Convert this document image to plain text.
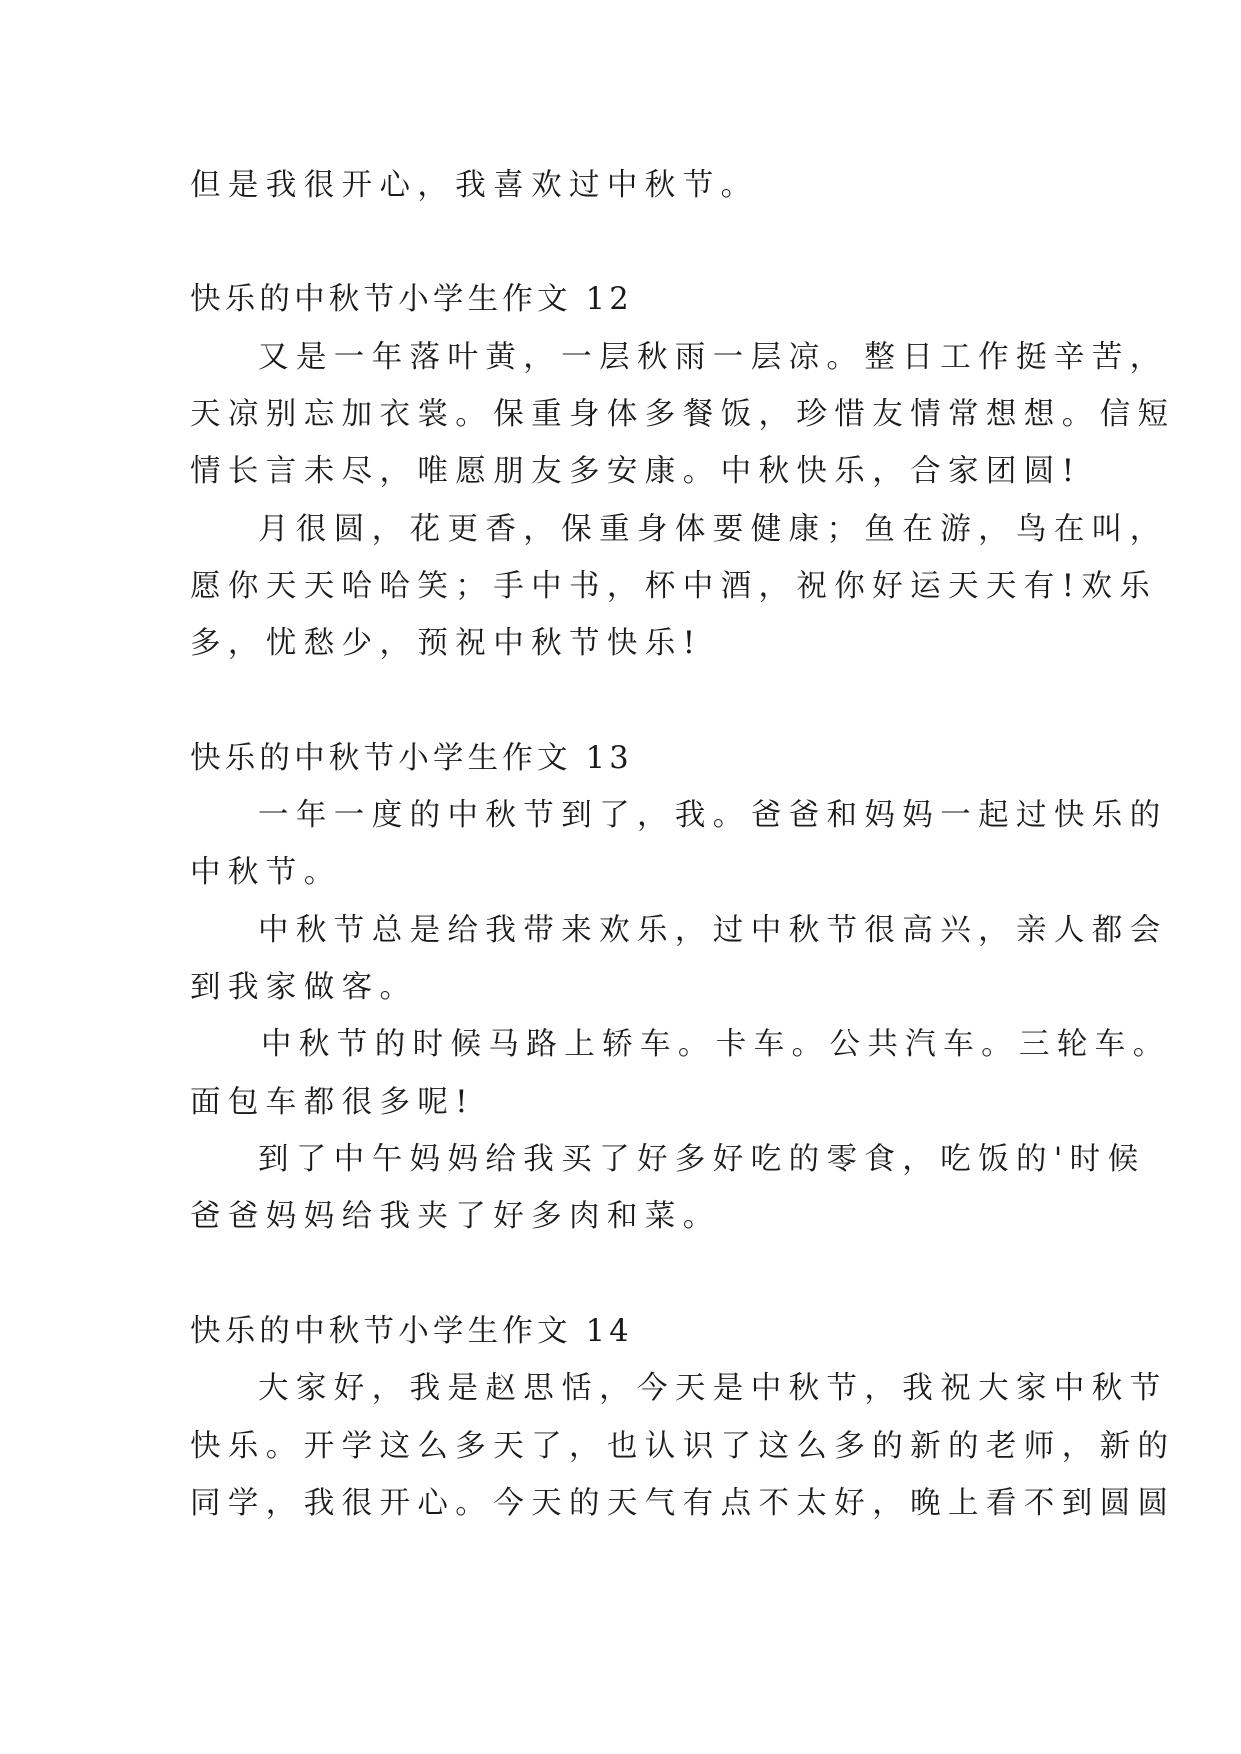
但是我很开心，我喜欢过中秋节。
快乐的中秋节小学生作文 12
又是一年落叶黄，一层秋雨一层凉。整日工作挺辛苦，
天凉别忘加衣裳。保重身体多餐饭，珍惜友情常想想。信短
情长言未尽，唯愿朋友多安康。中秋快乐，合家团圆!
月很圆，花更香，保重身体要健康；鱼在游，鸟在叫，
愿你天天哈哈笑；手中书，杯中酒，祝你好运天天有!欢乐
多，忧愁少，预祝中秋节快乐!
快乐的中秋节小学生作文 13
一年一度的中秋节到了，我。爸爸和妈妈一起过快乐的
中秋节。
中秋节总是给我带来欢乐，过中秋节很高兴，亲人都会
到我家做客。
中秋节的时候马路上轿车。卡车。公共汽车。三轮车。
面包车都很多呢!
到了中午妈妈给我买了好多好吃的零食，吃饭的'时候
爸爸妈妈给我夹了好多肉和菜。
快乐的中秋节小学生作文 14
大家好，我是赵思恬，今天是中秋节，我祝大家中秋节
快乐。开学这么多天了，也认识了这么多的新的老师，新的
同学，我很开心。今天的天气有点不太好，晚上看不到圆圆
